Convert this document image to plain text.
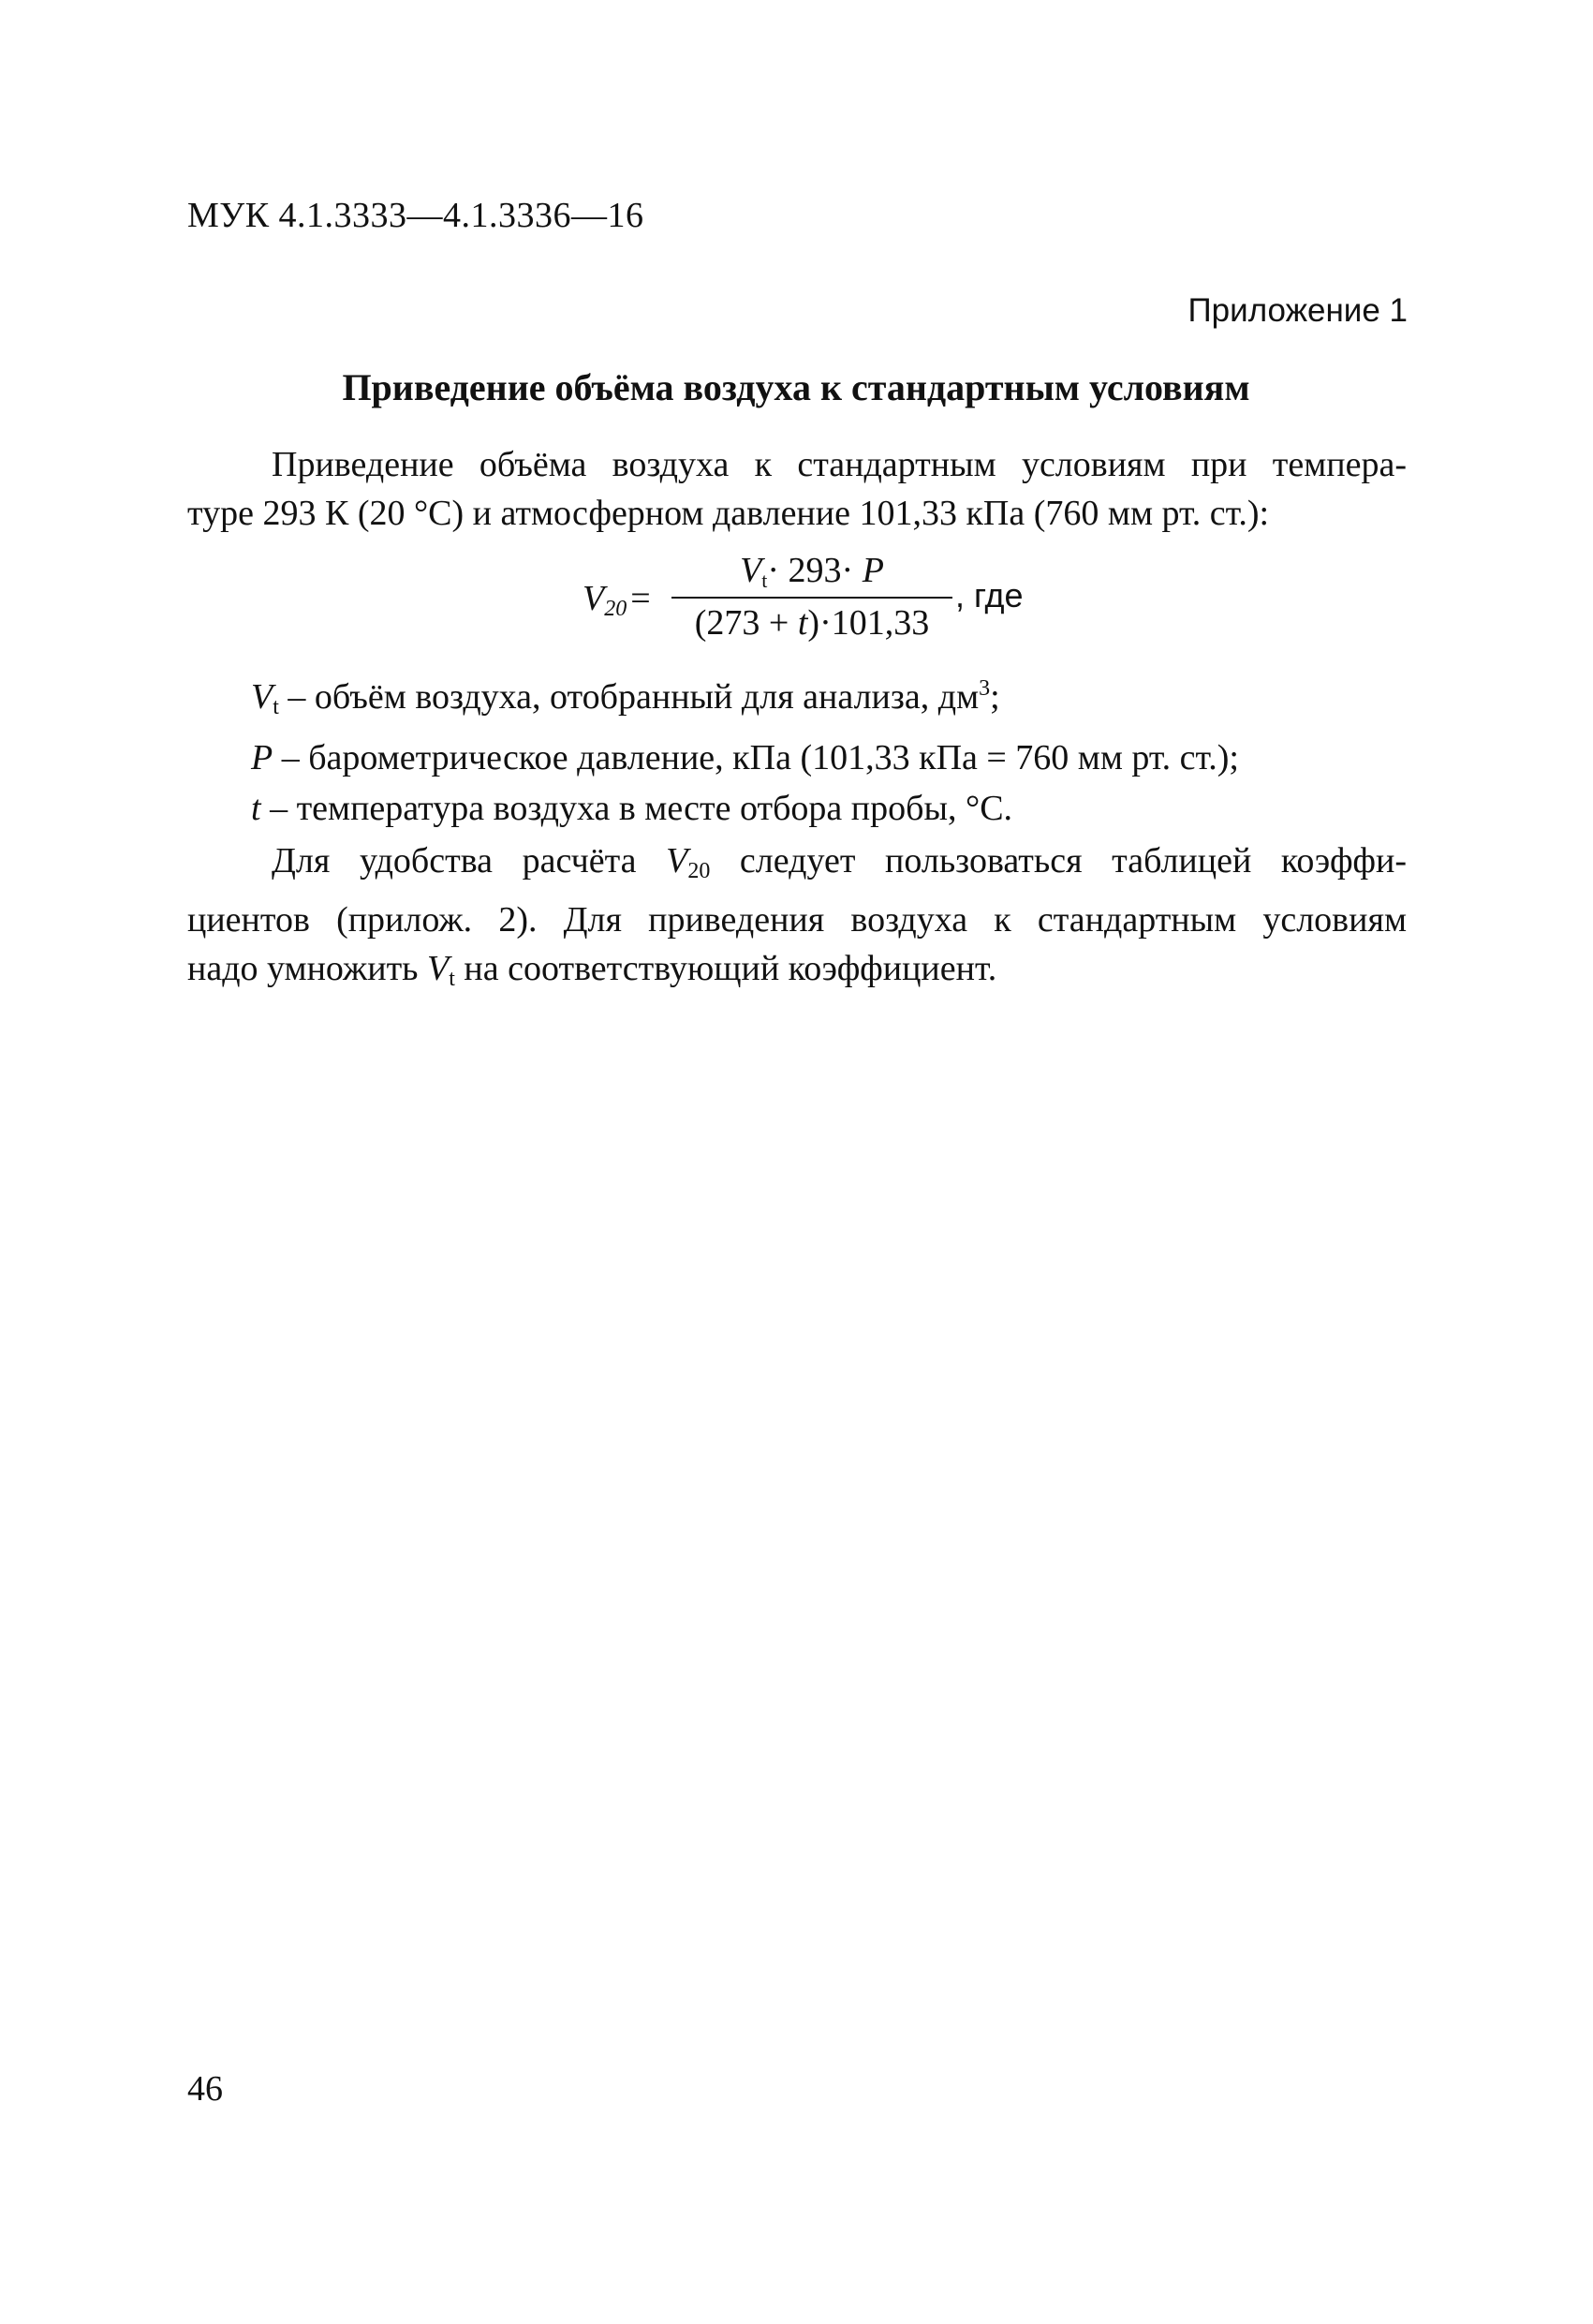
МУК 4.1.3333—4.1.3336—16
Приложение 1
Приведение объёма воздуха к стандартным условиям
Приведение объёма воздуха к стандартным условиям при темпера-
туре 293 К (20 °С) и атмосферном давление 101,33 кПа (760 мм рт. ст.):
$V_{20}$ =
$V_t\cdot 293\cdot P$
(273 + t)·101,33
, где
$V_t$ – объём воздуха, отобранный для анализа, $дм^3$;
P – барометрическое давление, кПа (101,33 кПа = 760 мм рт. ст.);
t – температура воздуха в месте отбора пробы, °С.
Для удобства расчёта $V_{20}$ следует пользоваться таблицей коэффи-
циентов (прилож. 2). Для приведения воздуха к стандартным условиям
надо умножить $V_t$ на соответствующий коэффициент.
46
